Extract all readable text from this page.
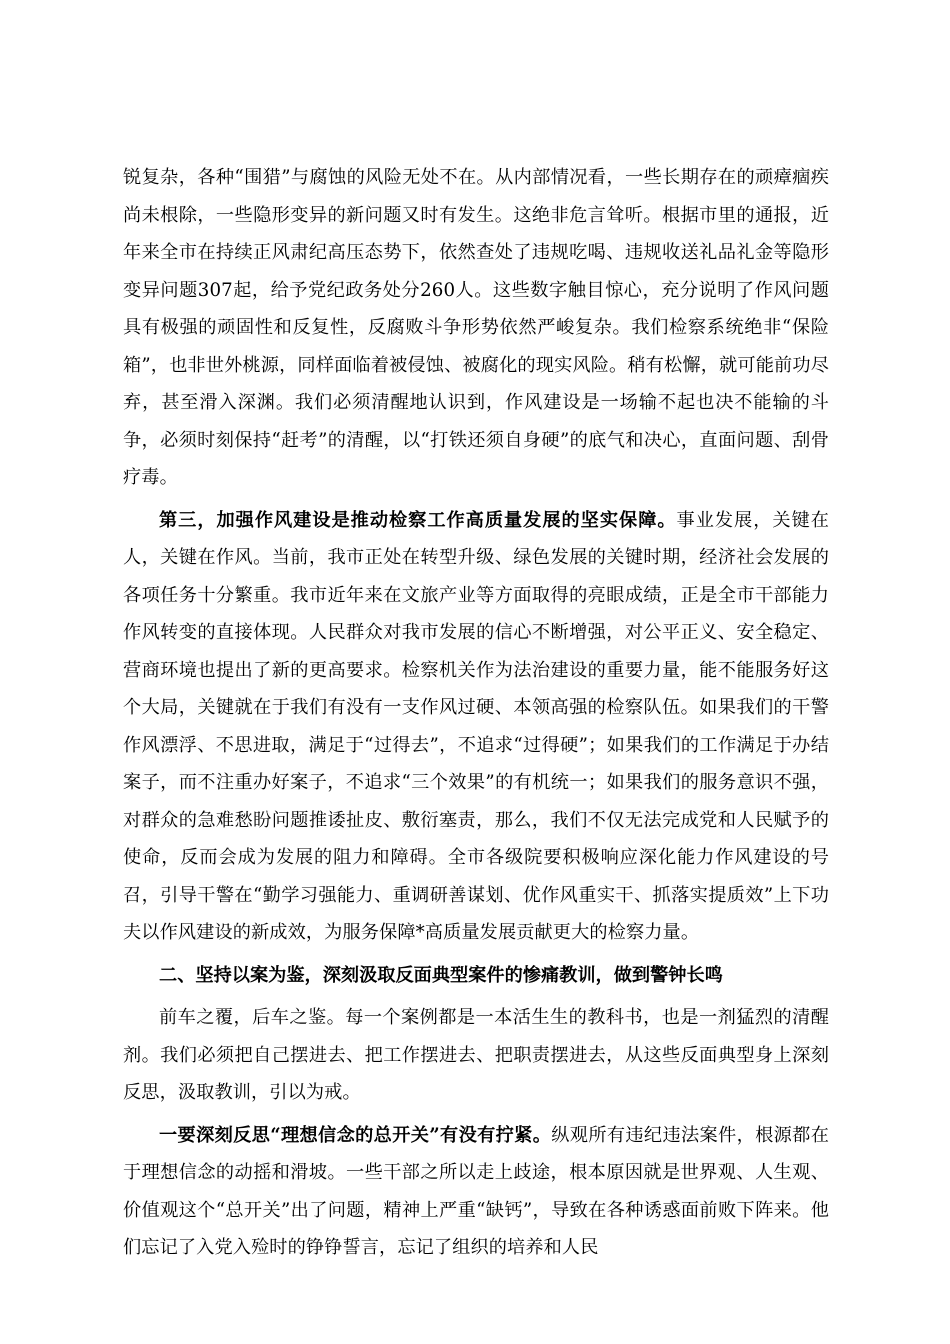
锐复杂，各种“围猎”与腐蚀的风险无处不在。从内部情况看，一些长期存在的顽瘴痼疾尚未根除，一些隐形变异的新问题又时有发生。这绝非危言耸听。根据市里的通报，近年来全市在持续正风肃纪高压态势下，依然查处了违规吃喝、违规收送礼品礼金等隐形变异问题307起，给予党纪政务处分260人。这些数字触目惊心，充分说明了作风问题具有极强的顽固性和反复性，反腐败斗争形势依然严峻复杂。我们检察系统绝非“保险箱”，也非世外桃源，同样面临着被侵蚀、被腐化的现实风险。稍有松懈，就可能前功尽弃，甚至滑入深渊。我们必须清醒地认识到，作风建设是一场输不起也决不能输的斗争，必须时刻保持“赶考”的清醒，以“打铁还须自身硬”的底气和决心，直面问题、刮骨疗毒。

第三，加强作风建设是推动检察工作高质量发展的坚实保障。事业发展，关键在人，关键在作风。当前，我市正处在转型升级、绿色发展的关键时期，经济社会发展的各项任务十分繁重。我市近年来在文旅产业等方面取得的亮眼成绩，正是全市干部能力作风转变的直接体现。人民群众对我市发展的信心不断增强，对公平正义、安全稳定、营商环境也提出了新的更高要求。检察机关作为法治建设的重要力量，能不能服务好这个大局，关键就在于我们有没有一支作风过硬、本领高强的检察队伍。如果我们的干警作风漂浮、不思进取，满足于“过得去”，不追求“过得硬”；如果我们的工作满足于办结案子，而不注重办好案子，不追求“三个效果”的有机统一；如果我们的服务意识不强，对群众的急难愁盼问题推诿扯皮、敷衍塞责，那么，我们不仅无法完成党和人民赋予的使命，反而会成为发展的阻力和障碍。全市各级院要积极响应深化能力作风建设的号召，引导干警在“勤学习强能力、重调研善谋划、优作风重实干、抓落实提质效”上下功夫以作风建设的新成效，为服务保障*高质量发展贡献更大的检察力量。

二、坚持以案为鉴，深刻汲取反面典型案件的惨痛教训，做到警钟长鸣

前车之覆，后车之鉴。每一个案例都是一本活生生的教科书，也是一剂猛烈的清醒剂。我们必须把自己摆进去、把工作摆进去、把职责摆进去，从这些反面典型身上深刻反思，汲取教训，引以为戒。

一要深刻反思“理想信念的总开关”有没有拧紧。纵观所有违纪违法案件，根源都在于理想信念的动摇和滑坡。一些干部之所以走上歧途，根本原因就是世界观、人生观、价值观这个“总开关”出了问题，精神上严重“缺钙”，导致在各种诱惑面前败下阵来。他们忘记了入党入殓时的铮铮誓言，忘记了组织的培养和人民
